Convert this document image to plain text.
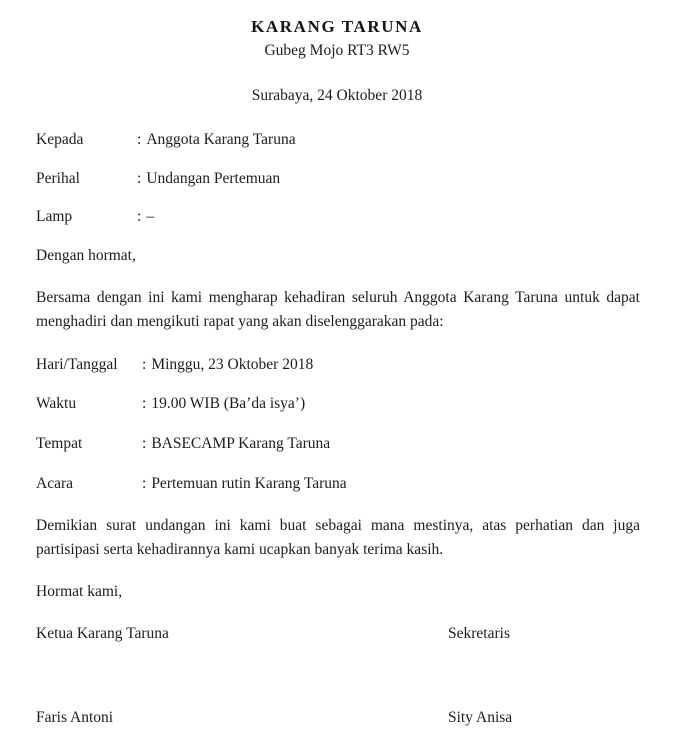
KARANG TARUNA
Gubeg Mojo RT3 RW5
Surabaya, 24 Oktober 2018
Kepada	: Anggota Karang Taruna
Perihal	: Undangan Pertemuan
Lamp	: –
Dengan hormat,
Bersama dengan ini kami mengharap kehadiran seluruh Anggota Karang Taruna untuk dapat menghadiri dan mengikuti rapat yang akan diselenggarakan pada:
Hari/Tanggal	: Minggu, 23 Oktober 2018
Waktu	: 19.00 WIB (Ba’da isya’)
Tempat	: BASECAMP Karang Taruna
Acara	: Pertemuan rutin Karang Taruna
Demikian surat undangan ini kami buat sebagai mana mestinya, atas perhatian dan juga partisipasi serta kehadirannya kami ucapkan banyak terima kasih.
Hormat kami,
Ketua Karang Taruna	Sekretaris
Faris Antoni	Sity Anisa
